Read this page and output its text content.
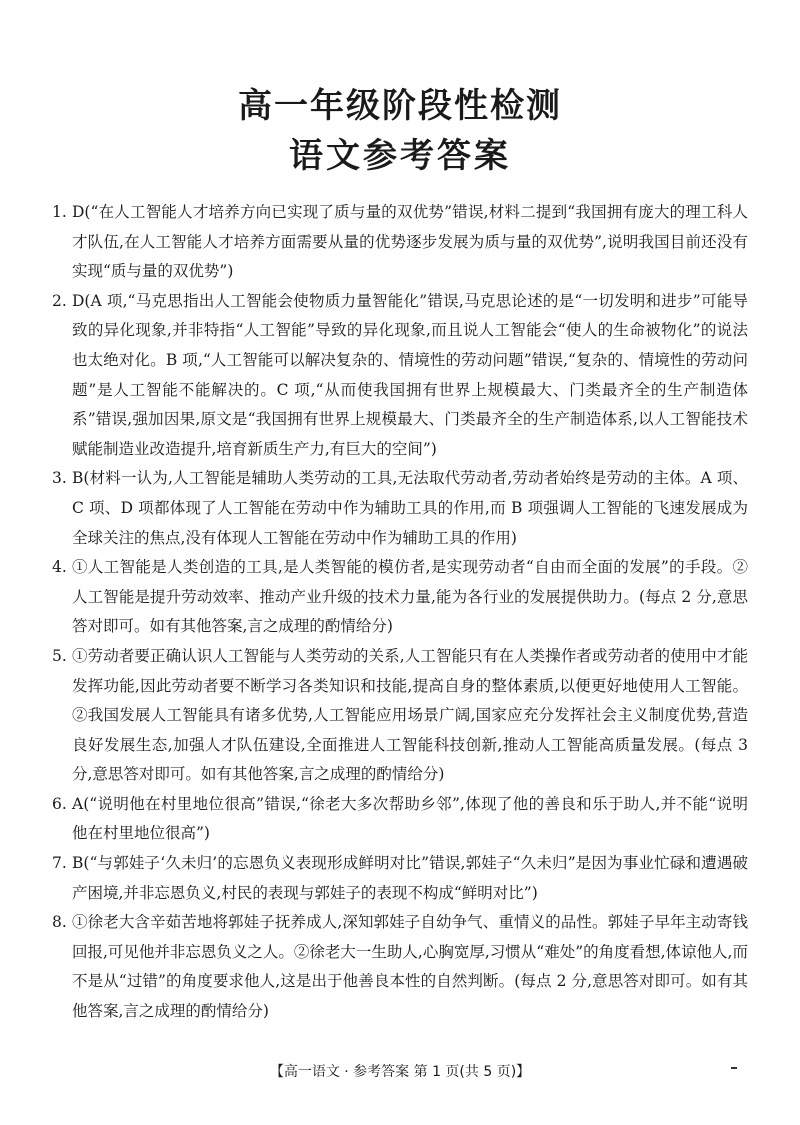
高一年级阶段性检测
语文参考答案
1. D(“在人工智能人才培养方向已实现了质与量的双优势”错误,材料二提到“我国拥有庞大的理工科人才队伍,在人工智能人才培养方面需要从量的优势逐步发展为质与量的双优势”,说明我国目前还没有实现“质与量的双优势”)
2. D(A 项,“马克思指出人工智能会使物质力量智能化”错误,马克思论述的是“一切发明和进步”可能导致的异化现象,并非特指“人工智能”导致的异化现象,而且说人工智能会“使人的生命被物化”的说法也太绝对化。B 项,“人工智能可以解决复杂的、情境性的劳动问题”错误,“复杂的、情境性的劳动问题”是人工智能不能解决的。C 项,“从而使我国拥有世界上规模最大、门类最齐全的生产制造体系”错误,强加因果,原文是“我国拥有世界上规模最大、门类最齐全的生产制造体系,以人工智能技术赋能制造业改造提升,培育新质生产力,有巨大的空间”)
3. B(材料一认为,人工智能是辅助人类劳动的工具,无法取代劳动者,劳动者始终是劳动的主体。A 项、C 项、D 项都体现了人工智能在劳动中作为辅助工具的作用,而 B 项强调人工智能的飞速发展成为全球关注的焦点,没有体现人工智能在劳动中作为辅助工具的作用)
4. ①人工智能是人类创造的工具,是人类智能的模仿者,是实现劳动者“自由而全面的发展”的手段。②人工智能是提升劳动效率、推动产业升级的技术力量,能为各行业的发展提供助力。(每点 2 分,意思答对即可。如有其他答案,言之成理的酌情给分)
5. ①劳动者要正确认识人工智能与人类劳动的关系,人工智能只有在人类操作者或劳动者的使用中才能发挥功能,因此劳动者要不断学习各类知识和技能,提高自身的整体素质,以便更好地使用人工智能。②我国发展人工智能具有诸多优势,人工智能应用场景广阔,国家应充分发挥社会主义制度优势,营造良好发展生态,加强人才队伍建设,全面推进人工智能科技创新,推动人工智能高质量发展。(每点 3 分,意思答对即可。如有其他答案,言之成理的酌情给分)
6. A(“说明他在村里地位很高”错误,“徐老大多次帮助乡邻”,体现了他的善良和乐于助人,并不能“说明他在村里地位很高”)
7. B(“与郭娃子‘久未归’的忘恩负义表现形成鲜明对比”错误,郭娃子“久未归”是因为事业忙碌和遭遇破产困境,并非忘恩负义,村民的表现与郭娃子的表现不构成“鲜明对比”)
8. ①徐老大含辛茹苦地将郭娃子抚养成人,深知郭娃子自幼争气、重情义的品性。郭娃子早年主动寄钱回报,可见他并非忘恩负义之人。②徐老大一生助人,心胸宽厚,习惯从“难处”的角度看想,体谅他人,而不是从“过错”的角度要求他人,这是出于他善良本性的自然判断。(每点 2 分,意思答对即可。如有其他答案,言之成理的酌情给分)
【高一语文 · 参考答案 第 1 页(共 5 页)】
